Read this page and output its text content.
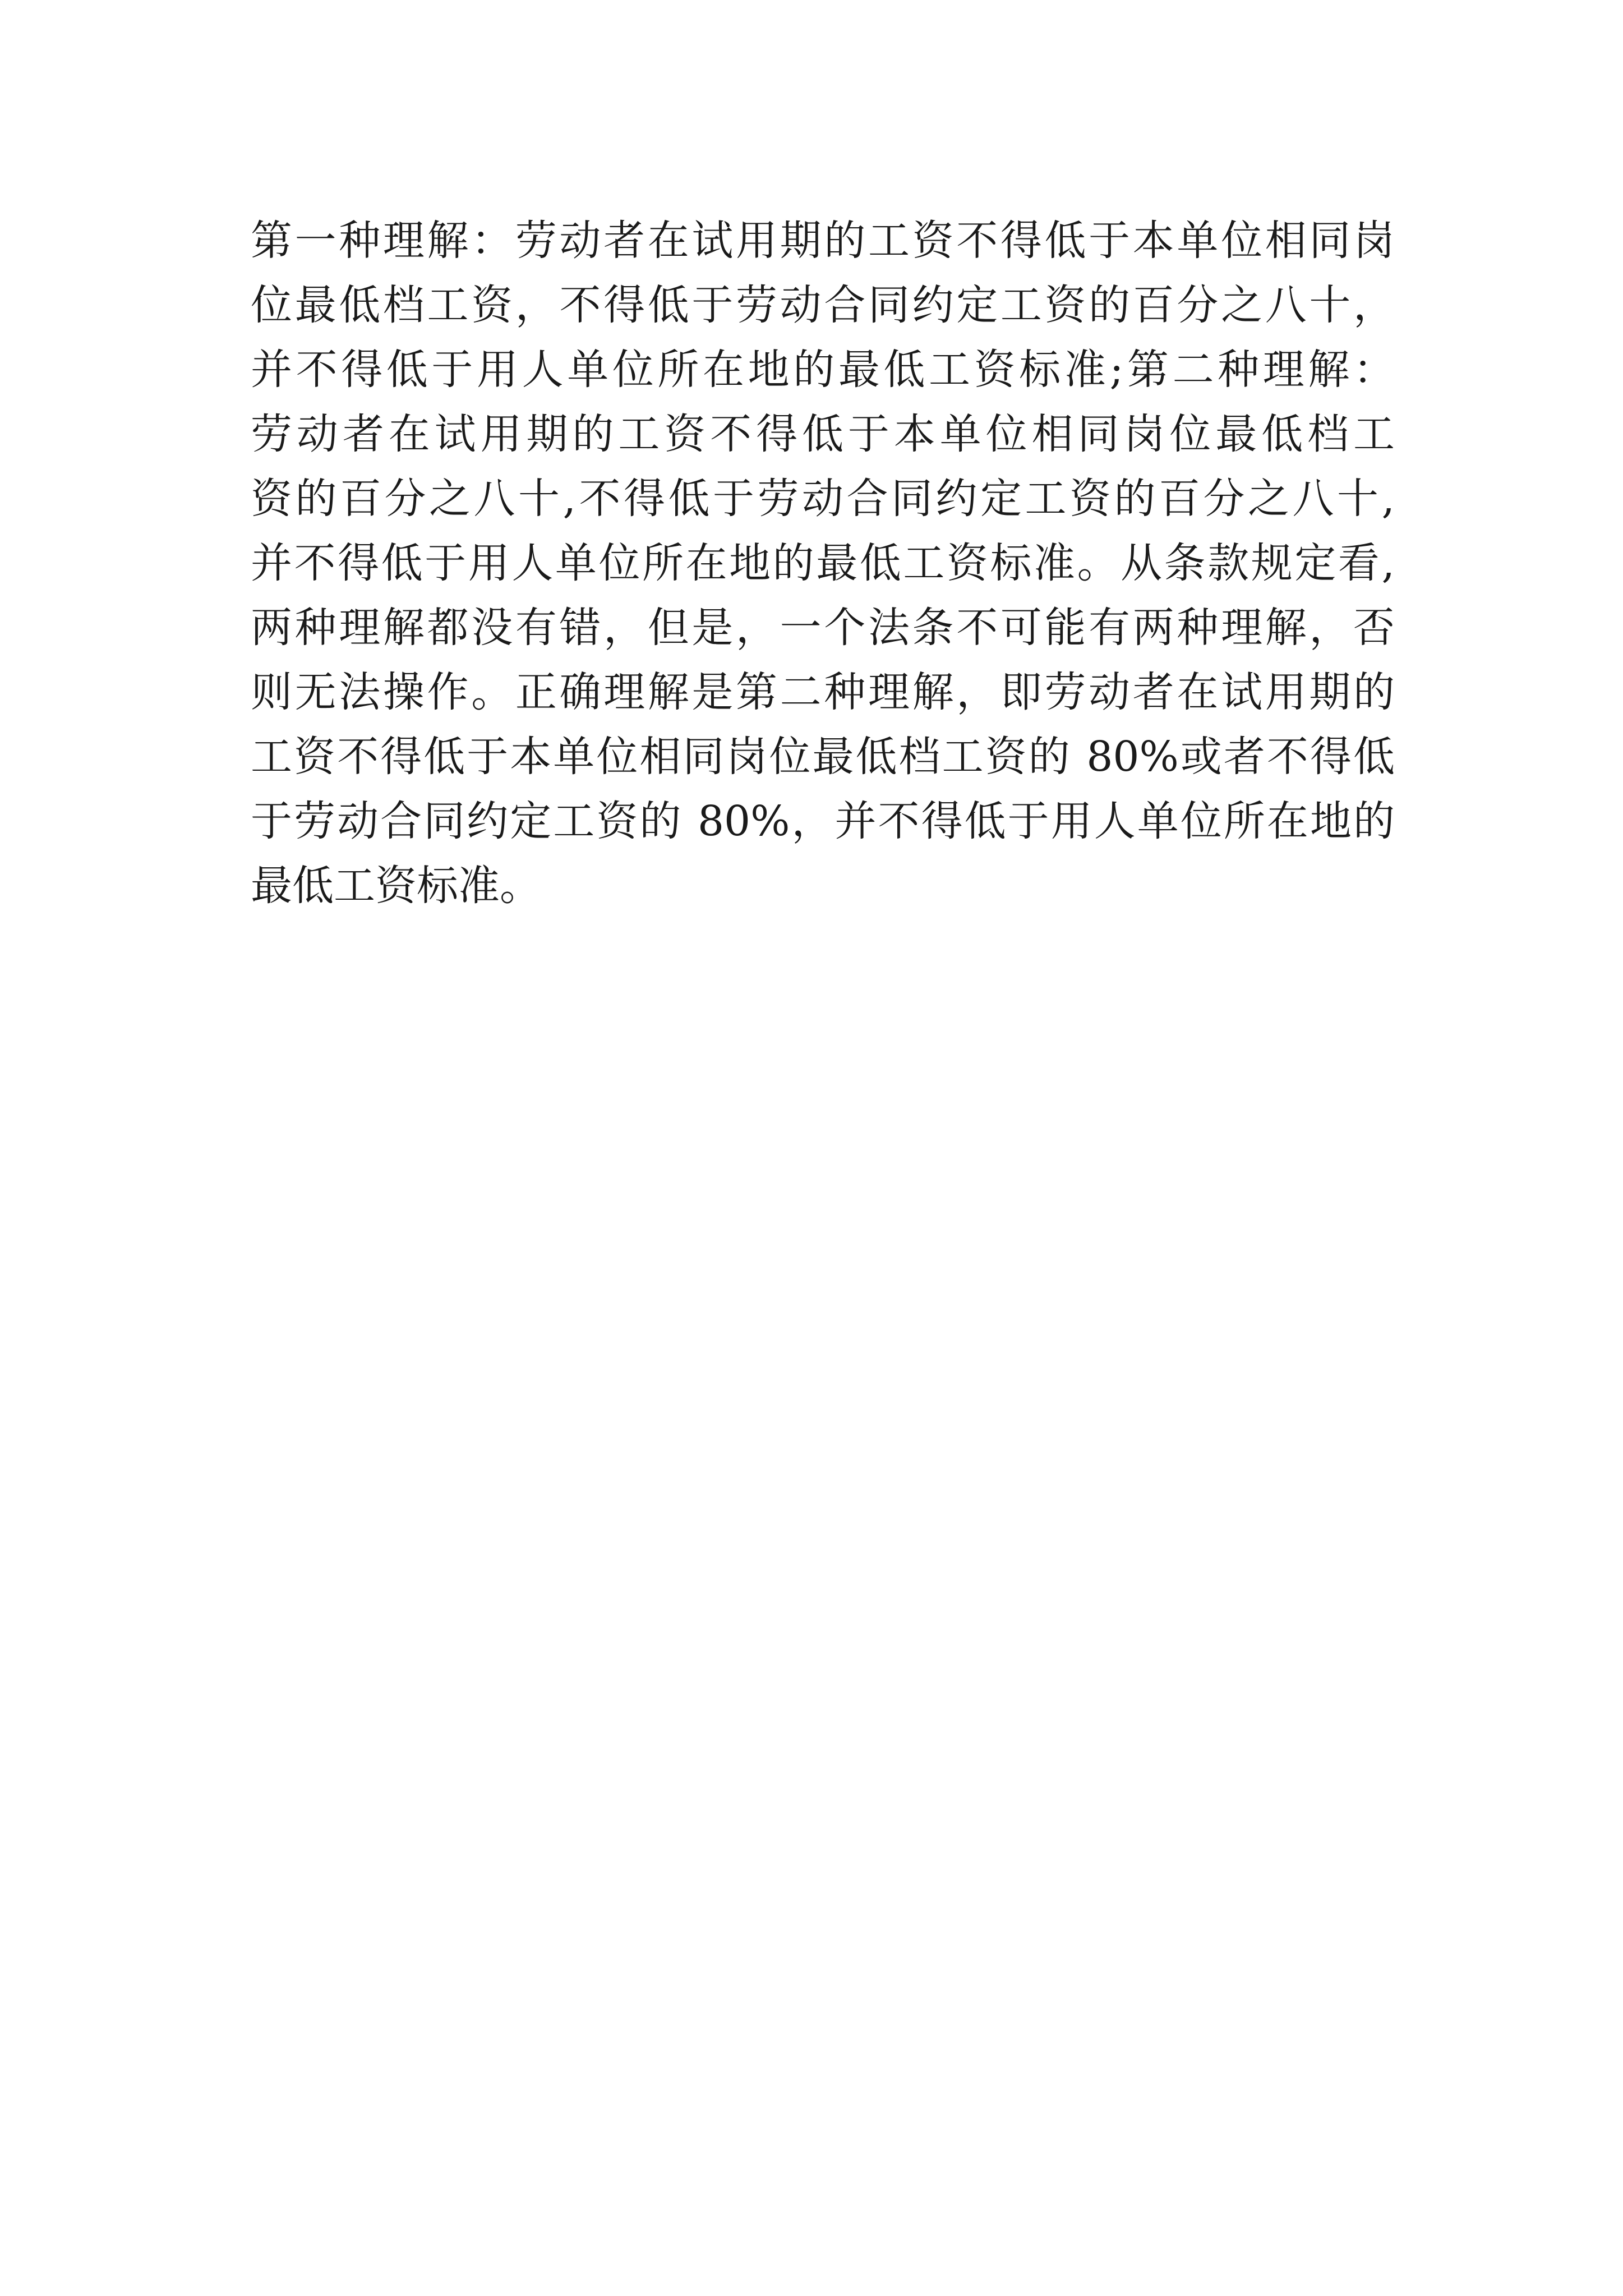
第一种理解：劳动者在试用期的工资不得低于本单位相同岗
位最低档工资，不得低于劳动合同约定工资的百分之八十，
并不得低于用人单位所在地的最低工资标准;第二种理解：
劳动者在试用期的工资不得低于本单位相同岗位最低档工
资的百分之八十,不得低于劳动合同约定工资的百分之八十,
并不得低于用人单位所在地的最低工资标准。从条款规定看,
两种理解都没有错，但是，一个法条不可能有两种理解，否
则无法操作。正确理解是第二种理解，即劳动者在试用期的
工资不得低于本单位相同岗位最低档工资的 80%或者不得低
于劳动合同约定工资的 80%，并不得低于用人单位所在地的
最低工资标准。
